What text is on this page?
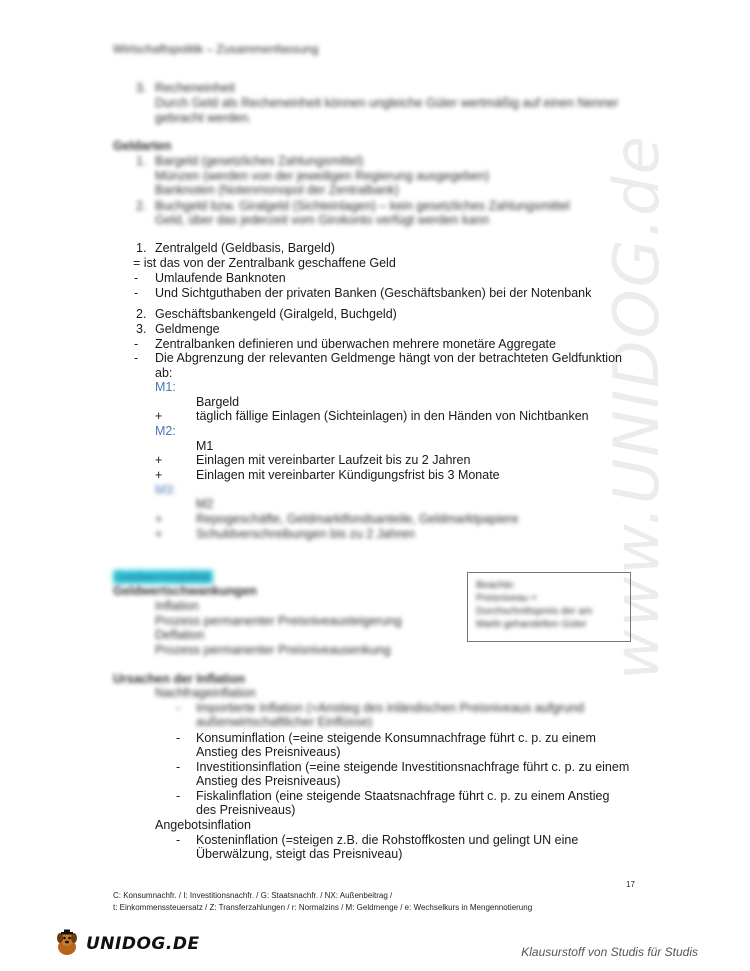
www.UNIDOG.de
Wirtschaftspolitik – Zusammenfassung
3. Recheneinheit
Durch Geld als Recheneinheit können ungleiche Güter wertmäßig auf einen Nenner
gebracht werden.
Geldarten
1. Bargeld (gesetzliches Zahlungsmittel)
Münzen (werden von der jeweiligen Regierung ausgegeben)
Banknoten (Notenmonopol der Zentralbank)
2. Buchgeld bzw. Giralgeld (Sichteinlagen) – kein gesetzliches Zahlungsmittel
Geld, über das jederzeit vom Girokonto verfügt werden kann
1. Zentralgeld (Geldbasis, Bargeld)
= ist das von der Zentralbank geschaffene Geld
- Umlaufende Banknoten
- Und Sichtguthaben der privaten Banken (Geschäftsbanken) bei der Notenbank
2. Geschäftsbankengeld (Giralgeld, Buchgeld)
3. Geldmenge
- Zentralbanken definieren und überwachen mehrere monetäre Aggregate
- Die Abgrenzung der relevanten Geldmenge hängt von der betrachteten Geldfunktion
ab:
M1:
Bargeld
+	täglich fällige Einlagen (Sichteinlagen) in den Händen von Nichtbanken
M2:
M1
+	Einlagen mit vereinbarter Laufzeit bis zu 2 Jahren
+	Einlagen mit vereinbarter Kündigungsfrist bis 3 Monate
M3:
M2
+	Repogeschäfte, Geldmarktfondsanteile, Geldmarktpapiere
+	Schuldverschreibungen bis zu 2 Jahren
Geldwertstabilität
Geldwertschwankungen
Inflation
Prozess permanenter Preisniveausteigerung
Deflation
Prozess permanenter Preisniveausenkung
Beachte:
Preisniveau =
Durchschnittspreis der am
Markt gehandelten Güter
Ursachen der Inflation
Nachfrageinflation
- Importierte Inflation (=Anstieg des inländischen Preisniveaus aufgrund
außenwirtschaftlicher Einflüsse)
- Konsuminflation (=eine steigende Konsumnachfrage führt c. p. zu einem
Anstieg des Preisniveaus)
- Investitionsinflation (=eine steigende Investitionsnachfrage führt c. p. zu einem
Anstieg des Preisniveaus)
- Fiskalinflation (eine steigende Staatsnachfrage führt c. p. zu einem Anstieg
des Preisniveaus)
Angebotsinflation
- Kosteninflation (=steigen z.B. die Rohstoffkosten und gelingt UN eine
Überwälzung, steigt das Preisniveau)
17
C: Konsumnachfr. / I: Investitionsnachfr. / G: Staatsnachfr. / NX: Außenbeitrag /
t: Einkommenssteuersatz / Z: Transferzahlungen / r: Normalzins / M: Geldmenge / e: Wechselkurs in Mengennotierung
UNIDOG.DE	Klausurstoff von Studis für Studis
